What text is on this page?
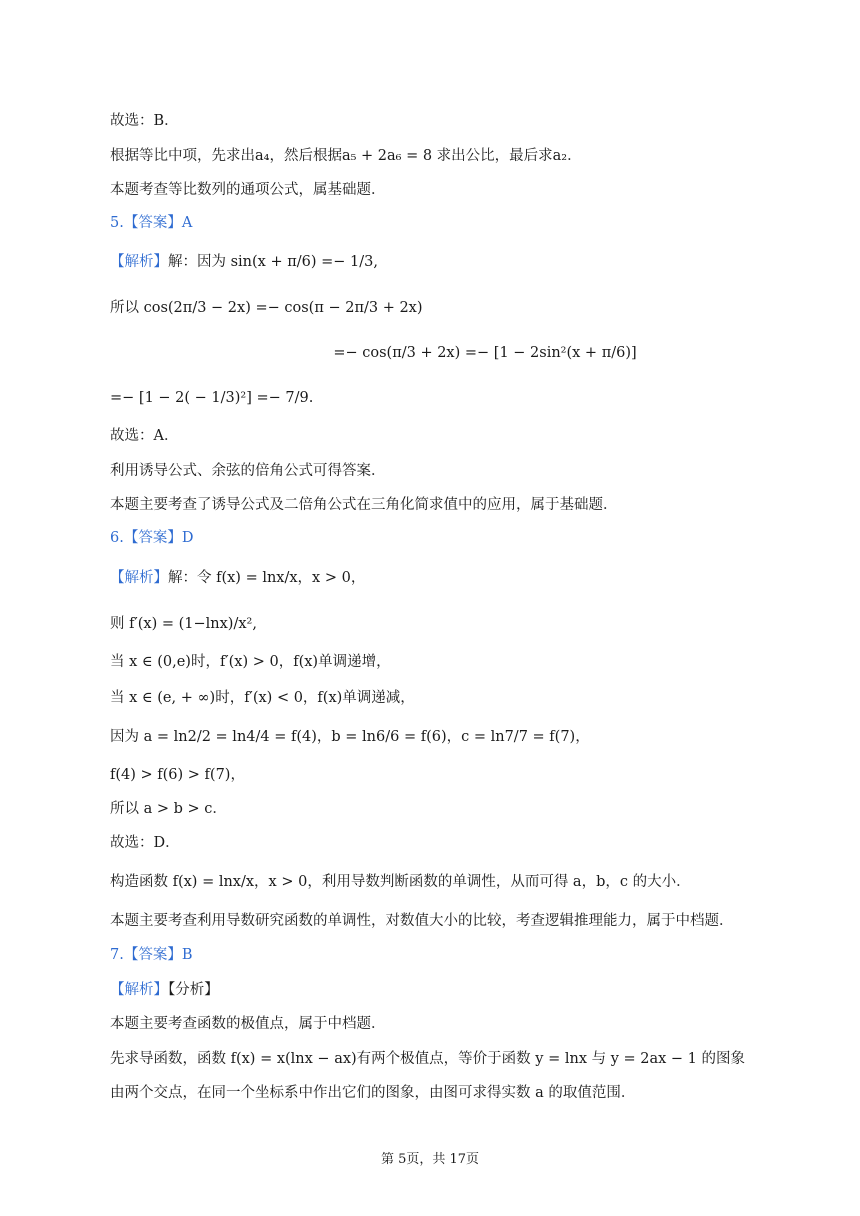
故选：B．
根据等比中项，先求出a₄，然后根据a₅ + 2a₆ = 8 求出公比，最后求a₂．
本题考查等比数列的通项公式，属基础题．
5.【答案】A
【解析】解：因为 sin(x + π/6) =− 1/3,
所以 cos(2π/3 − 2x) =− cos(π − 2π/3 + 2x)
=− cos(π/3 + 2x) =− [1 − 2sin²(x + π/6)]
=− [1 − 2( − 1/3)²] =− 7/9.
故选：A．
利用诱导公式、余弦的倍角公式可得答案．
本题主要考查了诱导公式及二倍角公式在三角化简求值中的应用，属于基础题．
6.【答案】D
【解析】解：令 f(x) = lnx/x，x > 0，
则 f′(x) = (1−lnx)/x²,
当 x ∈ (0,e)时，f′(x) > 0，f(x)单调递增，
当 x ∈ (e, + ∞)时，f′(x) < 0，f(x)单调递减，
因为 a = ln2/2 = ln4/4 = f(4)，b = ln6/6 = f(6)，c = ln7/7 = f(7)，
f(4) > f(6) > f(7)，
所以 a > b > c．
故选：D．
构造函数 f(x) = lnx/x，x > 0，利用导数判断函数的单调性，从而可得 a，b，c 的大小．
本题主要考查利用导数研究函数的单调性，对数值大小的比较，考查逻辑推理能力，属于中档题．
7.【答案】B
【解析】【分析】
本题主要考查函数的极值点，属于中档题．
先求导函数，函数 f(x) = x(lnx − ax)有两个极值点，等价于函数 y = lnx 与 y = 2ax − 1 的图象
由两个交点，在同一个坐标系中作出它们的图象，由图可求得实数 a 的取值范围．
第 5页，共 17页
